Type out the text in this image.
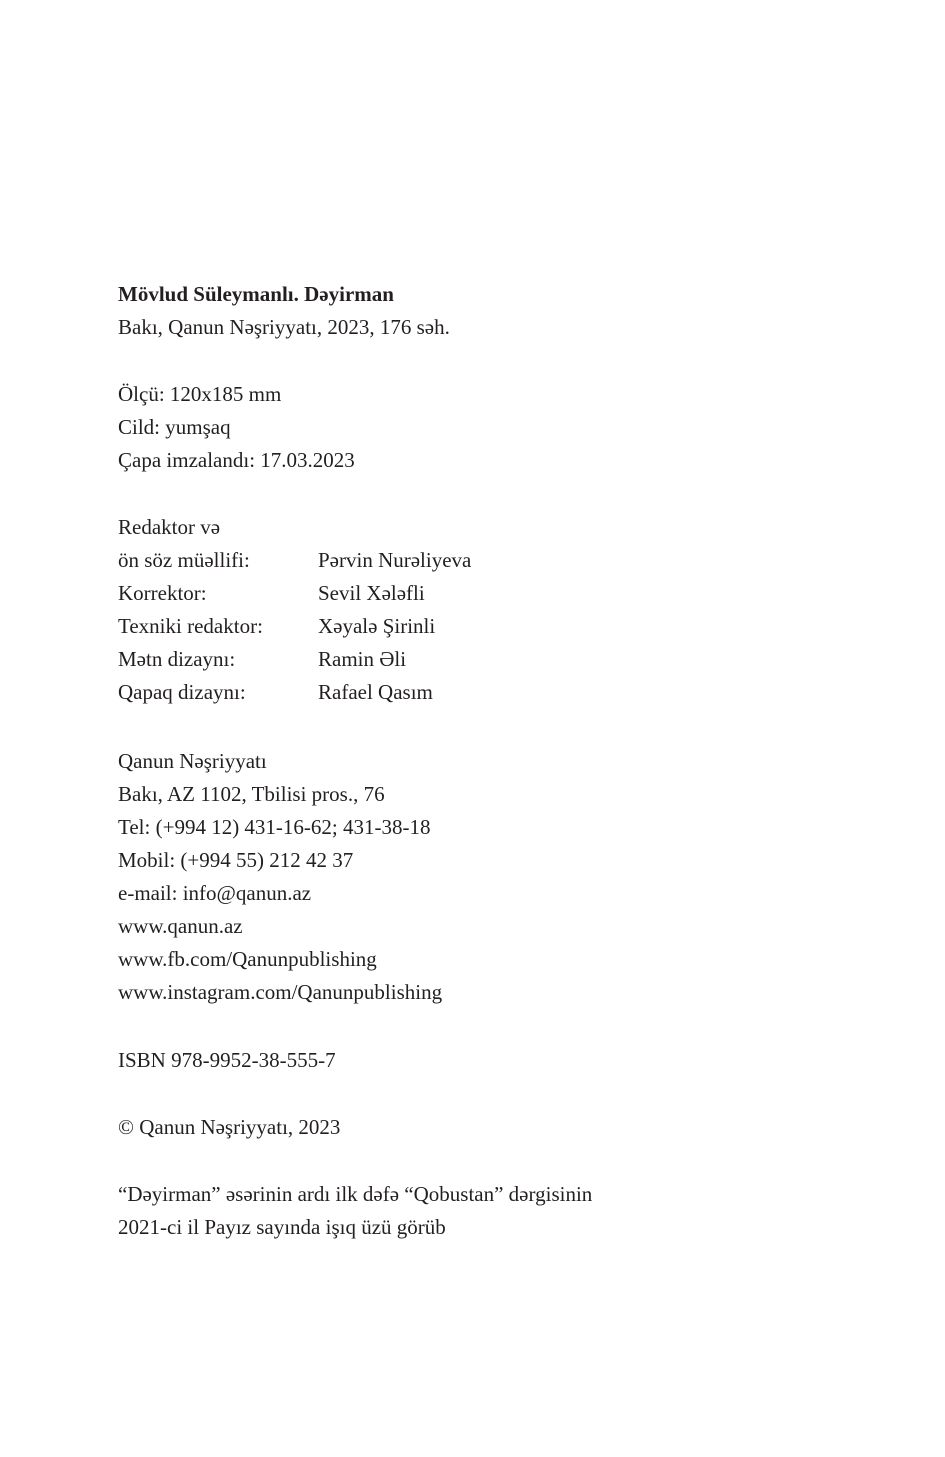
Mövlud Süleymanlı. Dəyirman
Bakı, Qanun Nəşriyyatı, 2023, 176 səh.
Ölçü: 120x185 mm
Cild: yumşaq
Çapa imzalandı: 17.03.2023
Redaktor və
ön söz müəllifi:	Pərvin Nurəliyeva
Korrektor:	Sevil Xələfli
Texniki redaktor:	Xəyalə Şirinli
Mətn dizaynı:	Ramin Əli
Qapaq dizaynı:	Rafael Qasım
Qanun Nəşriyyatı
Bakı, AZ 1102, Tbilisi pros., 76
Tel: (+994 12) 431-16-62; 431-38-18
Mobil: (+994 55) 212 42 37
e-mail: info@qanun.az
www.qanun.az
www.fb.com/Qanunpublishing
www.instagram.com/Qanunpublishing
ISBN 978-9952-38-555-7
© Qanun Nəşriyyatı, 2023
“Dəyirman” əsərinin ardı ilk dəfə “Qobustan” dərgisinin
2021-ci il Payız sayında işıq üzü görüb
